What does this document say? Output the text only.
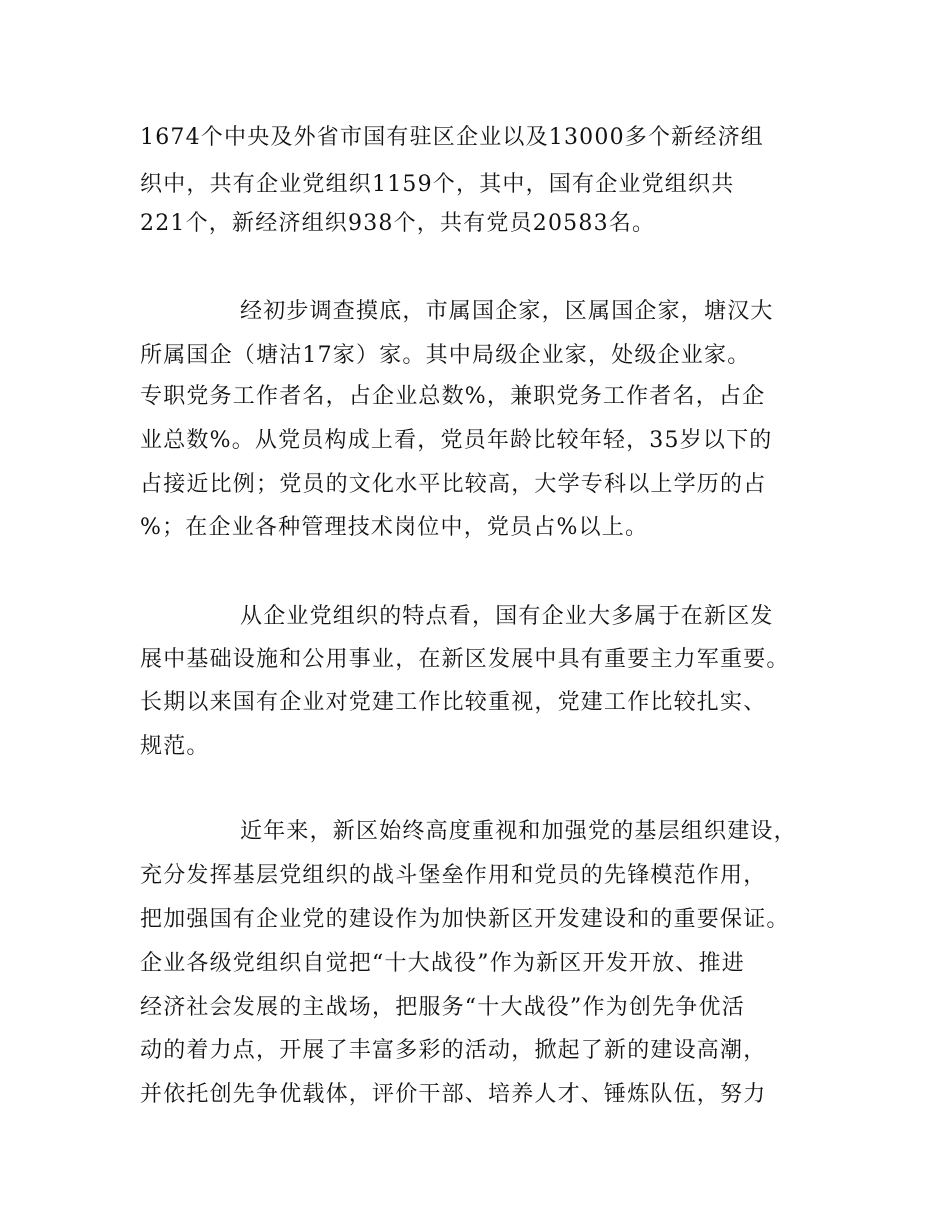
1674个中央及外省市国有驻区企业以及13000多个新经济组
织中，共有企业党组织1159个，其中，国有企业党组织共
221个，新经济组织938个，共有党员20583名。
经初步调查摸底，市属国企家，区属国企家，塘汉大
所属国企（塘沽17家）家。其中局级企业家，处级企业家。
专职党务工作者名，占企业总数%，兼职党务工作者名，占企
业总数%。从党员构成上看，党员年龄比较年轻，35岁以下的
占接近比例；党员的文化水平比较高，大学专科以上学历的占
%；在企业各种管理技术岗位中，党员占%以上。
从企业党组织的特点看，国有企业大多属于在新区发
展中基础设施和公用事业，在新区发展中具有重要主力军重要。
长期以来国有企业对党建工作比较重视，党建工作比较扎实、
规范。
近年来，新区始终高度重视和加强党的基层组织建设，
充分发挥基层党组织的战斗堡垒作用和党员的先锋模范作用，
把加强国有企业党的建设作为加快新区开发建设和的重要保证。
企业各级党组织自觉把“十大战役”作为新区开发开放、推进
经济社会发展的主战场，把服务“十大战役”作为创先争优活
动的着力点，开展了丰富多彩的活动，掀起了新的建设高潮，
并依托创先争优载体，评价干部、培养人才、锤炼队伍，努力
